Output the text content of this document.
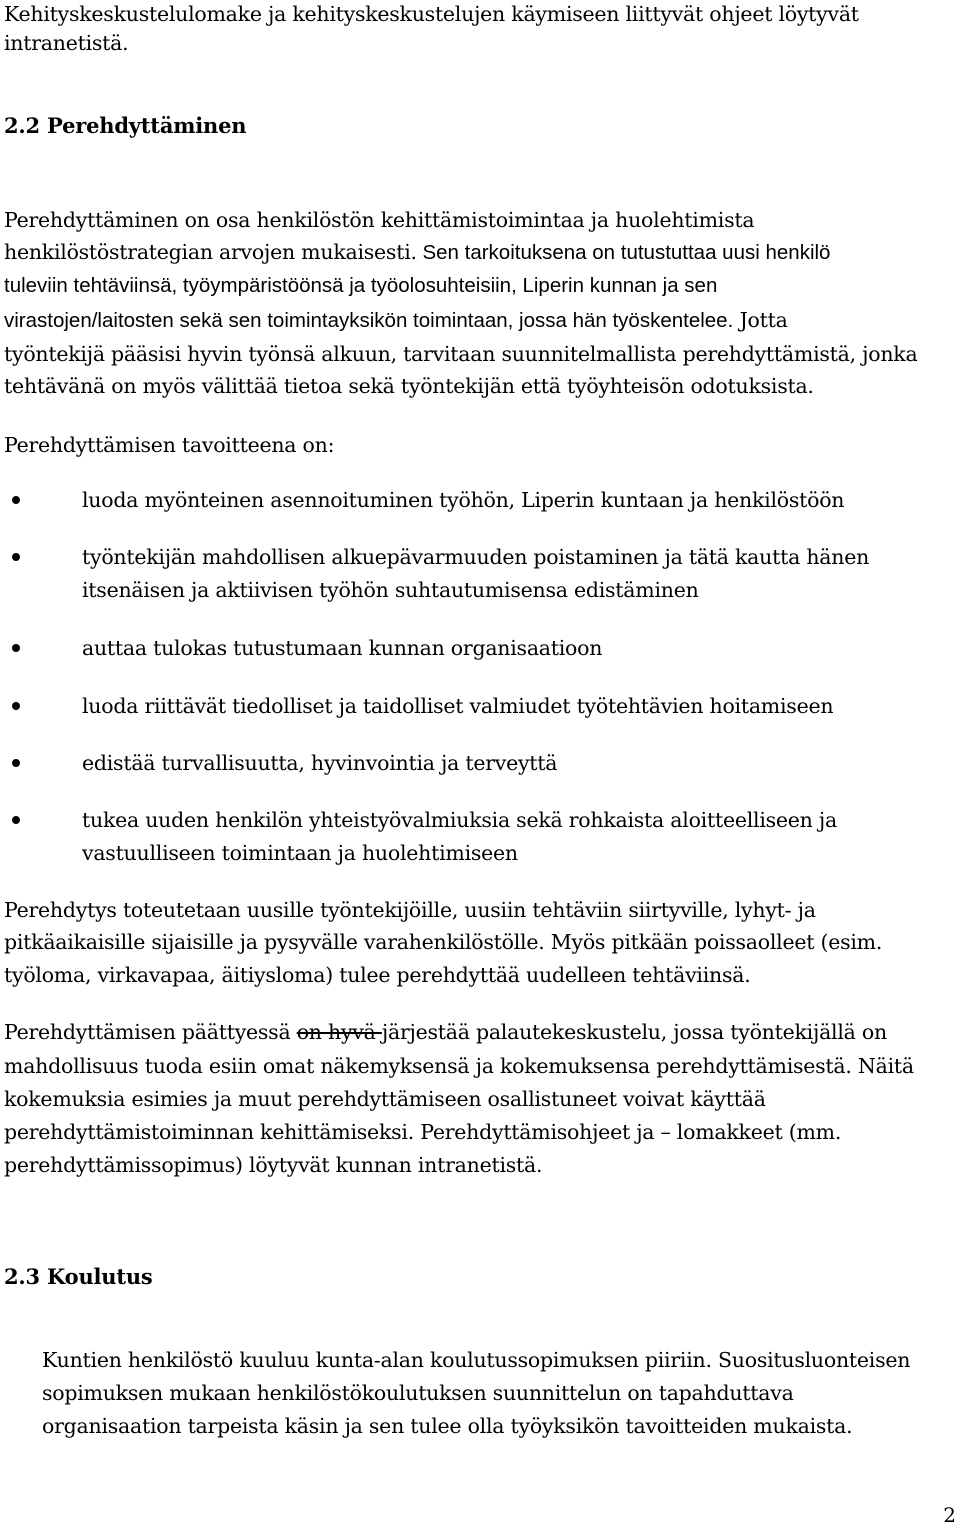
Kehityskeskustelulomake ja kehityskeskustelujen käymiseen liittyvät ohjeet löytyvät

intranetistä.

2.2 Perehdyttäminen

Perehdyttäminen on osa henkilöstön kehittämistoimintaa ja huolehtimista

henkilöstöstrategian arvojen mukaisesti. Sen tarkoituksena on tutustuttaa uusi henkilö

tuleviin tehtäviinsä, työympäristöönsä ja työolosuhteisiin, Liperin kunnan ja sen

virastojen/laitosten sekä sen toimintayksikön toimintaan, jossa hän työskentelee. Jotta

työntekijä pääsisi hyvin työnsä alkuun, tarvitaan suunnitelmallista perehdyttämistä, jonka

tehtävänä on myös välittää tietoa sekä työntekijän että työyhteisön odotuksista.

Perehdyttämisen tavoitteena on:

luoda myönteinen asennoituminen työhön, Liperin kuntaan ja henkilöstöön

työntekijän mahdollisen alkuepävarmuuden poistaminen ja tätä kautta hänen

itsenäisen ja aktiivisen työhön suhtautumisensa edistäminen

auttaa tulokas tutustumaan kunnan organisaatioon

luoda riittävät tiedolliset ja taidolliset valmiudet työtehtävien hoitamiseen

edistää turvallisuutta, hyvinvointia ja terveyttä

tukea uuden henkilön yhteistyövalmiuksia sekä rohkaista aloitteelliseen ja

vastuulliseen toimintaan ja huolehtimiseen

Perehdytys toteutetaan uusille työntekijöille, uusiin tehtäviin siirtyville, lyhyt- ja

pitkäaikaisille sijaisille ja pysyvälle varahenkilöstölle. Myös pitkään poissaolleet (esim.

työloma, virkavapaa, äitiysloma) tulee perehdyttää uudelleen tehtäviinsä.

Perehdyttämisen päättyessä on hyvä järjestää palautekeskustelu, jossa työntekijällä on

mahdollisuus tuoda esiin omat näkemyksensä ja kokemuksensa perehdyttämisestä. Näitä

kokemuksia esimies ja muut perehdyttämiseen osallistuneet voivat käyttää

perehdyttämistoiminnan kehittämiseksi. Perehdyttämisohjeet ja – lomakkeet (mm.

perehdyttämissopimus) löytyvät kunnan intranetistä.

2.3 Koulutus

Kuntien henkilöstö kuuluu kunta-alan koulutussopimuksen piiriin. Suositusluonteisen

sopimuksen mukaan henkilöstökoulutuksen suunnittelun on tapahduttava

organisaation tarpeista käsin ja sen tulee olla työyksikön tavoitteiden mukaista.

2
